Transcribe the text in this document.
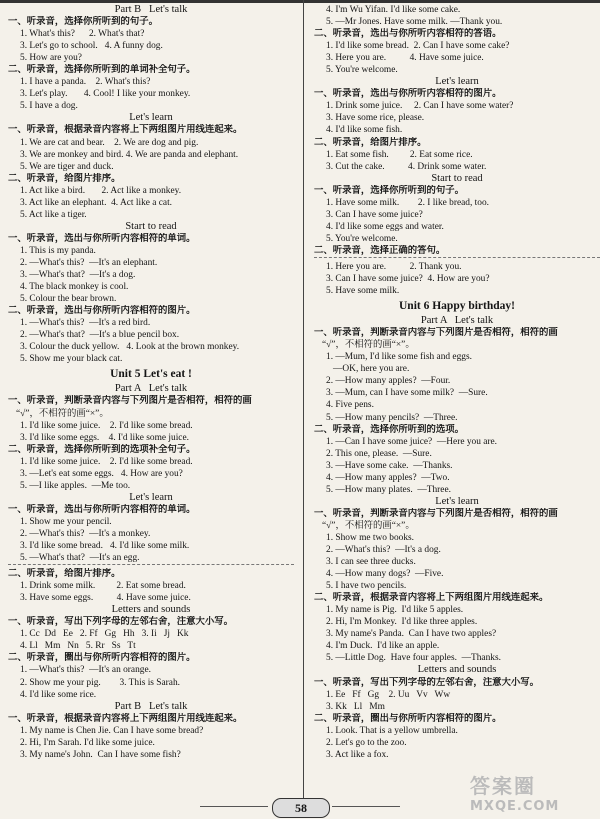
Part B   Let's talk
一、听录音，选择你所听到的句子。
1. What's this?      2. What's that?
3. Let's go to school.   4. A funny dog.
5. How are you?
二、听录音，选择你所听到的单词补全句子。
1. I have a panda.    2. What's this?
3. Let's play.       4. Cool! I like your monkey.
5. I have a dog.
Let's learn
一、听录音，根据录音内容将上下两组图片用线连起来。
1. We are cat and bear.    2. We are dog and pig.
3. We are monkey and bird. 4. We are panda and elephant.
5. We are tiger and duck.
二、听录音，给图片排序。
1. Act like a bird.       2. Act like a monkey.
3. Act like an elephant.  4. Act like a cat.
5. Act like a tiger.
Start to read
一、听录音，选出与你所听内容相符的单词。
1. This is my panda.
2. —What's this?  —It's an elephant.
3. —What's that?  —It's a dog.
4. The black monkey is cool.
5. Colour the bear brown.
二、听录音，选出与你所听内容相符的图片。
1. —What's this?  —It's a red bird.
2. —What's that?  —It's a blue pencil box.
3. Colour the duck yellow.   4. Look at the brown monkey.
5. Show me your black cat.
Unit 5 Let's eat !
Part A   Let's talk
一、听录音，判断录音内容与下列图片是否相符，相符的画
“√”，不相符的画“×”。
1. I'd like some juice.    2. I'd like some bread.
3. I'd like some eggs.    4. I'd like some juice.
二、听录音，选择你所听到的选项补全句子。
1. I'd like some juice.    2. I'd like some bread.
3. —Let's eat some eggs.   4. How are you?
5. —I like apples.  —Me too.
Let's learn
一、听录音，选出与你所听内容相符的单词。
1. Show me your pencil.
2. —What's this?  —It's a monkey.
3. I'd like some bread.   4. I'd like some milk.
5. —What's that?  —It's an egg.
二、听录音，给图片排序。
1. Drink some milk.         2. Eat some bread.
3. Have some eggs.          4. Have some juice.
Letters and sounds
一、听录音，写出下列字母的左邻右舍，注意大小写。
1. Cc  Dd   Ee   2. Ff   Gg   Hh   3. Ii   Jj   Kk
4. Ll   Mm   Nn   5. Rr   Ss   Tt
二、听录音，圈出与你所听内容相符的图片。
1. —What's this?  —It's an orange.
2. Show me your pig.        3. This is Sarah.
4. I'd like some rice.
Part B   Let's talk
一、听录音，根据录音内容将上下两组图片用线连起来。
1. My name is Chen Jie. Can I have some bread?
2. Hi, I'm Sarah. I'd like some juice.
3. My name's John.  Can I have some fish?
4. I'm Wu Yifan. I'd like some cake.
5. —Mr Jones. Have some milk. —Thank you.
二、听录音，选出与你所听内容相符的答语。
1. I'd like some bread.  2. Can I have some cake?
3. Here you are.          4. Have some juice.
5. You're welcome.
Let's learn
一、听录音，选出与你所听内容相符的图片。
1. Drink some juice.     2. Can I have some water?
3. Have some rice, please.
4. I'd like some fish.
二、听录音，给图片排序。
1. Eat some fish.         2. Eat some rice.
3. Cut the cake.          4. Drink some water.
Start to read
一、听录音，选择你所听到的句子。
1. Have some milk.        2. I like bread, too.
3. Can I have some juice?
4. I'd like some eggs and water.
5. You're welcome.
二、听录音，选择正确的答句。
1. Here you are.          2. Thank you.
3. Can I have some juice?  4. How are you?
5. Have some milk.
Unit 6 Happy birthday!
Part A   Let's talk
一、听录音，判断录音内容与下列图片是否相符，相符的画
“√”，不相符的画“×”。
1. —Mum, I'd like some fish and eggs.
—OK, here you are.
2. —How many apples?  —Four.
3. —Mum, can I have some milk?  —Sure.
4. Five pens.
5. —How many pencils?  —Three.
二、听录音，选择你所听到的选项。
1. —Can I have some juice?  —Here you are.
2. This one, please.  —Sure.
3. —Have some cake.  —Thanks.
4. —How many apples?  —Two.
5. —How many plates.  —Three.
Let's learn
一、听录音，判断录音内容与下列图片是否相符，相符的画
“√”，不相符的画“×”。
1. Show me two books.
2. —What's this?  —It's a dog.
3. I can see three ducks.
4. —How many dogs?  —Five.
5. I have two pencils.
二、听录音，根据录音内容将上下两组图片用线连起来。
1. My name is Pig.  I'd like 5 apples.
2. Hi, I'm Monkey.  I'd like three apples.
3. My name's Panda.  Can I have two apples?
4. I'm Duck.  I'd like an apple.
5. —Little Dog.  Have four apples.  —Thanks.
Letters and sounds
一、听录音，写出下列字母的左邻右舍，注意大小写。
1. Ee   Ff   Gg    2. Uu   Vv   Ww
3. Kk   Ll   Mm
二、听录音，圈出与你所听内容相符的图片。
1. Look. That is a yellow umbrella.
2. Let's go to the zoo.
3. Act like a fox.
58
答案圈
MXQE.COM
